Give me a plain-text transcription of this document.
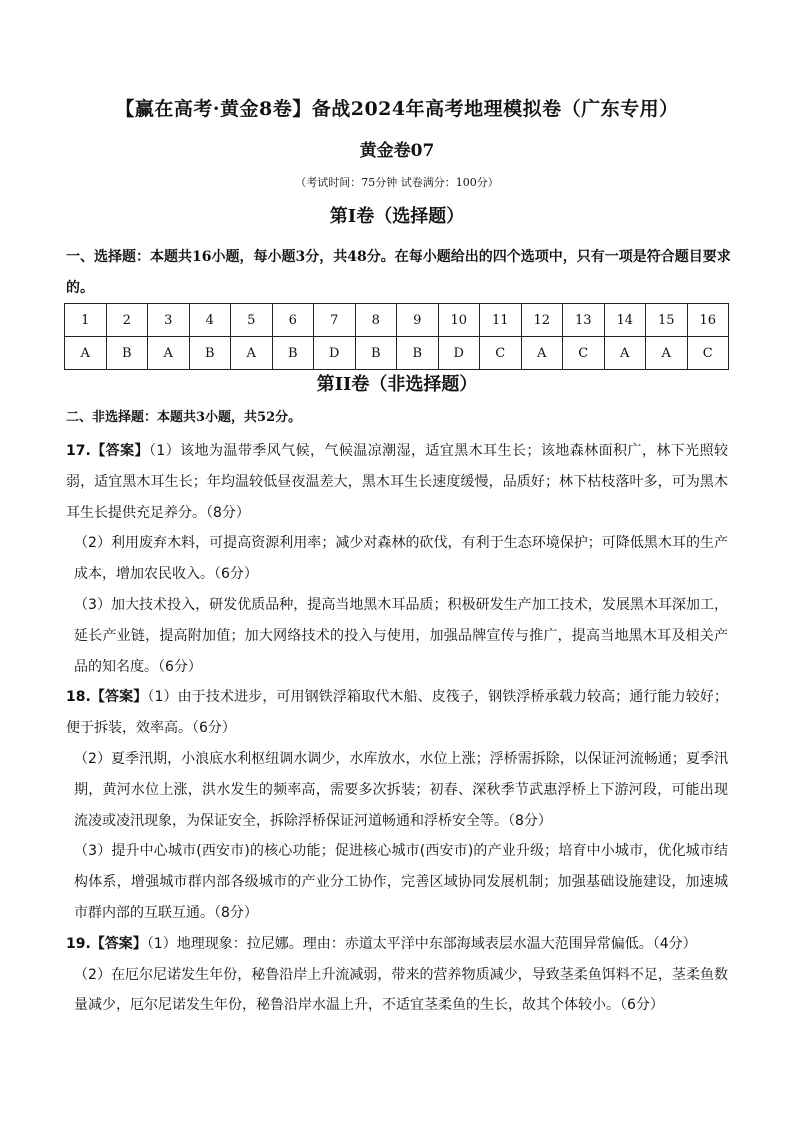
【赢在高考·黄金8卷】备战2024年高考地理模拟卷（广东专用）
黄金卷07
（考试时间：75分钟 试卷满分：100分）
第I卷（选择题）
一、选择题：本题共16小题，每小题3分，共48分。在每小题给出的四个选项中，只有一项是符合题目要求的。
1	2	3	4	5	6	7	8	9	10	11	12	13	14	15	16
A	B	A	B	A	B	D	B	B	D	C	A	C	A	A	C
第II卷（非选择题）
二、非选择题：本题共3小题，共52分。

17.【答案】（1）该地为温带季风气候，气候温凉潮湿，适宜黑木耳生长；该地森林面积广，林下光照较弱，适宜黑木耳生长；年均温较低昼夜温差大，黑木耳生长速度缓慢，品质好；林下枯枝落叶多，可为黑木耳生长提供充足养分。（8分）

（2）利用废弃木料，可提高资源利用率；减少对森林的砍伐，有利于生态环境保护；可降低黑木耳的生产成本，增加农民收入。（6分）

（3）加大技术投入，研发优质品种，提高当地黑木耳品质；积极研发生产加工技术，发展黑木耳深加工，延长产业链，提高附加值；加大网络技术的投入与使用，加强品牌宣传与推广，提高当地黑木耳及相关产品的知名度。（6分）

18.【答案】（1）由于技术进步，可用钢铁浮箱取代木船、皮筏子，钢铁浮桥承载力较高；通行能力较好；便于拆装，效率高。（6分）

（2）夏季汛期，小浪底水利枢纽调水调少，水库放水，水位上涨；浮桥需拆除，以保证河流畅通；夏季汛期，黄河水位上涨，洪水发生的频率高，需要多次拆装；初春、深秋季节武惠浮桥上下游河段，可能出现流凌或凌汛现象，为保证安全，拆除浮桥保证河道畅通和浮桥安全等。（8分）

（3）提升中心城市(西安市)的核心功能；促进核心城市(西安市)的产业升级；培育中小城市，优化城市结构体系，增强城市群内部各级城市的产业分工协作，完善区域协同发展机制；加强基础设施建设，加速城市群内部的互联互通。（8分）

19.【答案】（1）地理现象：拉尼娜。理由：赤道太平洋中东部海域表层水温大范围异常偏低。（4分）

（2）在厄尔尼诺发生年份，秘鲁沿岸上升流减弱，带来的营养物质减少，导致茎柔鱼饵料不足，茎柔鱼数量减少，厄尔尼诺发生年份，秘鲁沿岸水温上升，不适宜茎柔鱼的生长，故其个体较小。（6分）
